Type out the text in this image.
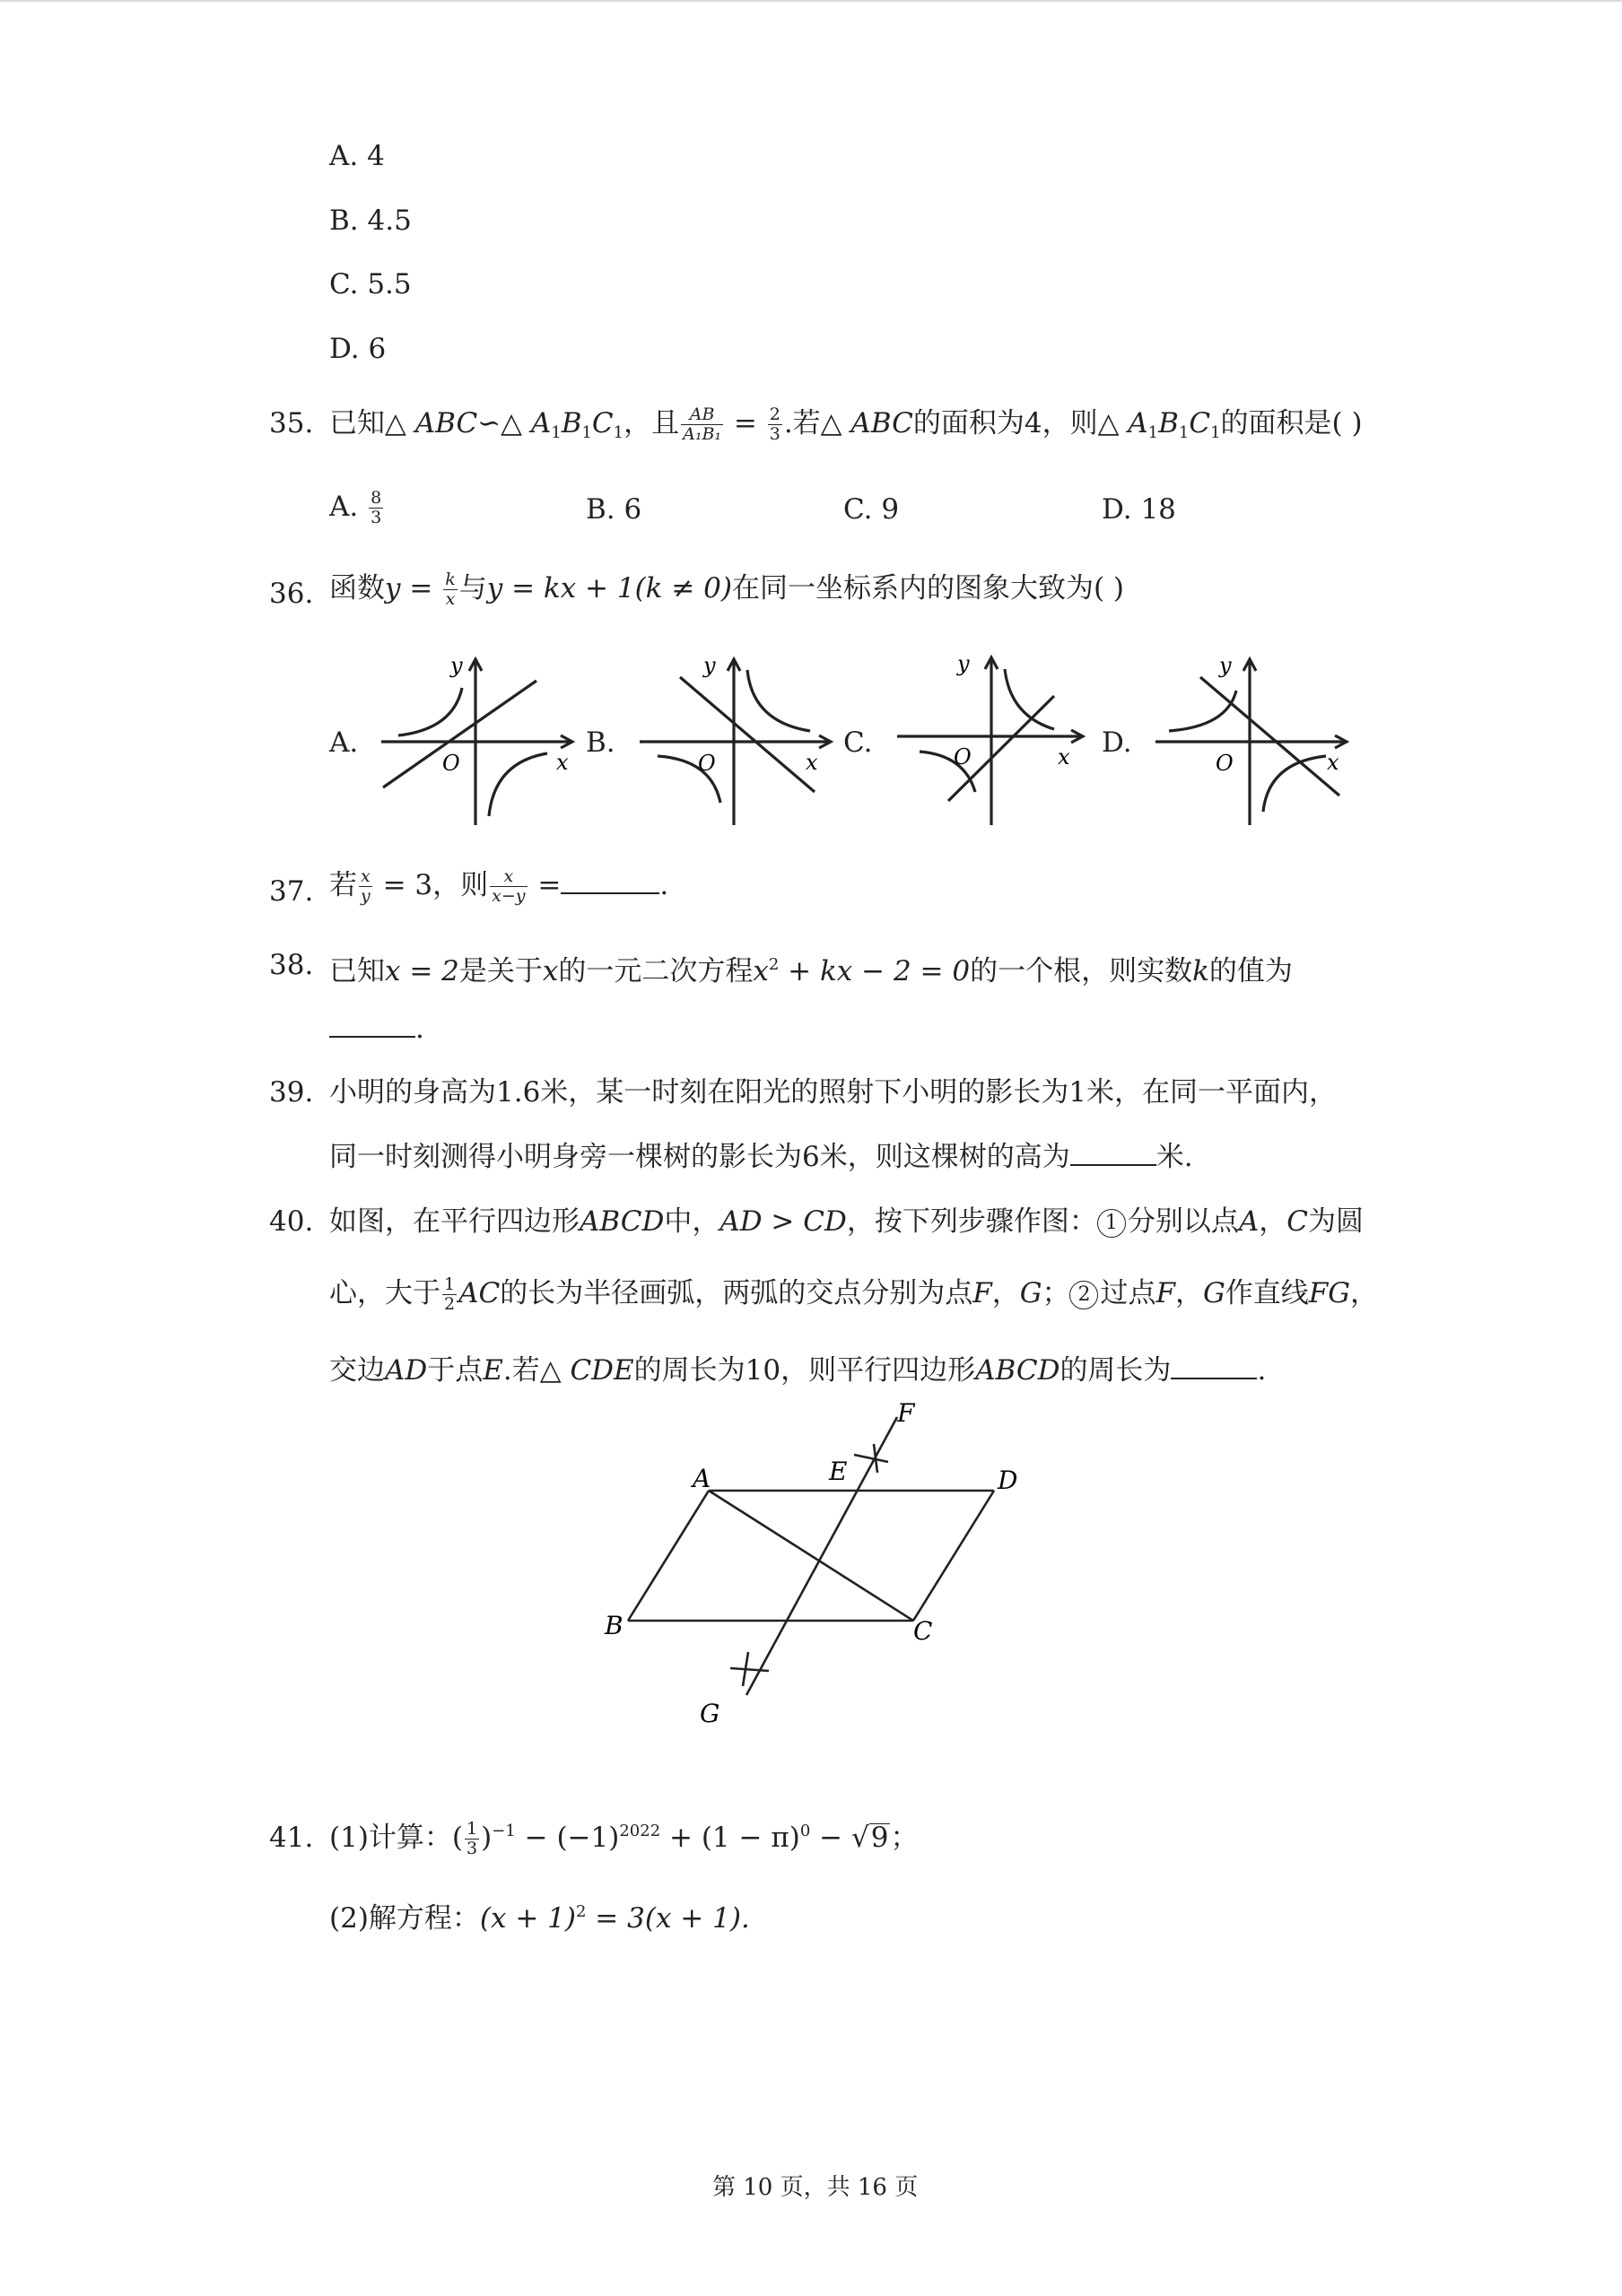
A. 4
B. 4.5
C. 5.5
D. 6
35. 已知△ ABC∽△ $A_1B_1C_1$，且 $\frac{AB}{\text{A₁B₁}} = \frac{2}{3}$ .若△ ABC的面积为4，则△ $A_1B_1C_1$的面积是( )
A. $\frac{8}{3}$	B. 6	C. 9	D. 18
36. 函数$y = \frac{k}{x}$ 与y = kx + 1(k ≠ 0)在同一坐标系内的图象大致为( )
A.	B.	C.	D.
y
x
O
y
x
O
y
x
O
y
x
O
37. 若 $\frac{x}{y} = 3$，则 $\frac{x}{x-y}$ =	.
38. 已知x = 2是关于x的一元二次方程$x^2$ + kx − 2 = 0的一个根，则实数k的值为
.
39. 小明的身高为1.6米，某一时刻在阳光的照射下小明的影长为1米，在同一平面内，
同一时刻测得小明身旁一棵树的影长为6米，则这棵树的高为	米.
40. 如图，在平行四边形ABCD中，AD > CD，按下列步骤作图： 1 分别以点A，C为圆
心，大于 $\frac{1}{2}$ AC的长为半径画弧，两弧的交点分别为点F，G； 2 过点F，G作直线FG，
交边AD于点E.若△ CDE的周长为10，则平行四边形ABCD的周长为	.
A
B	C
D
E
F
G
41. (1)计算：( $\frac{1}{3} )^{-1} - (-1)^{2022} + (1 - \pi)^0 - √9$；
(2)解方程：$(x + 1)^2 = 3(x + 1)$.
第 10 页，共 16 页
